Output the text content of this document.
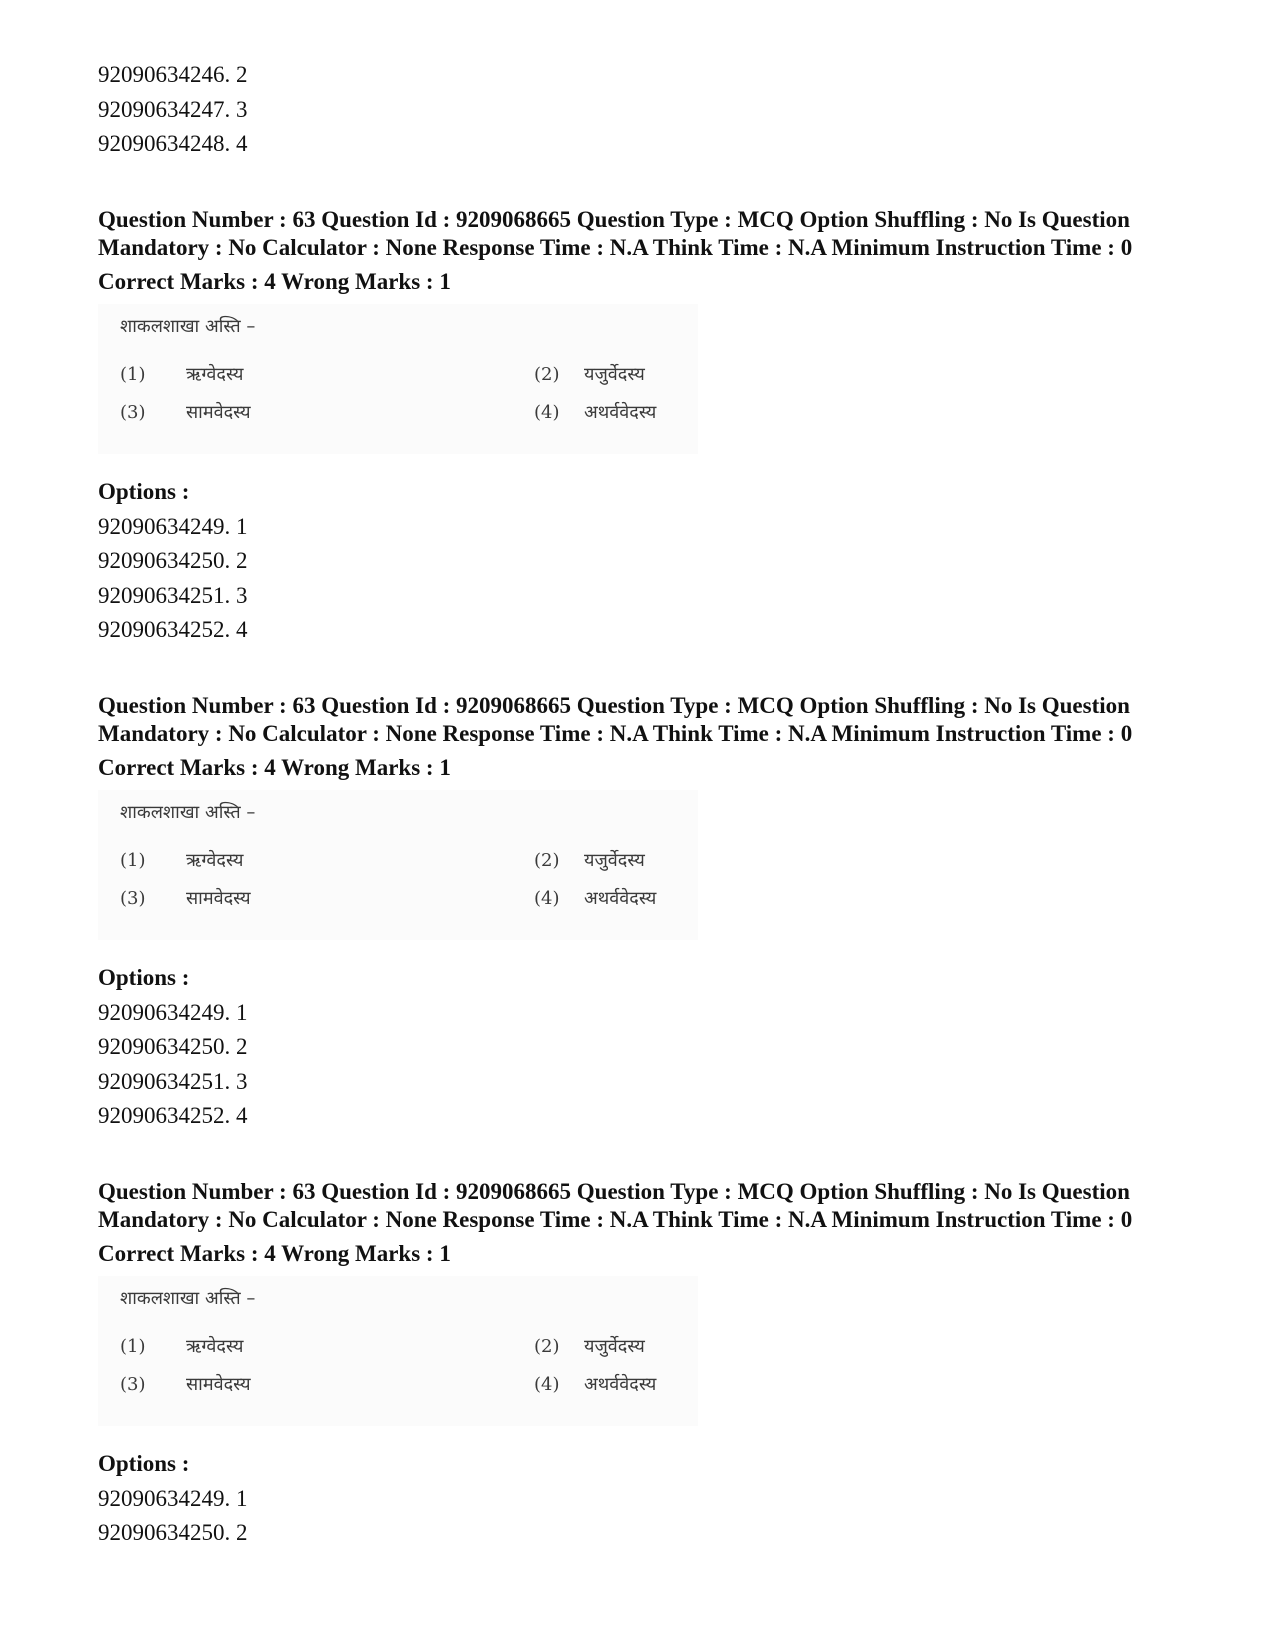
92090634246. 2
92090634247. 3
92090634248. 4
Question Number : 63 Question Id : 9209068665 Question Type : MCQ Option Shuffling : No Is Question Mandatory : No Calculator : None Response Time : N.A Think Time : N.A Minimum Instruction Time : 0
Correct Marks : 4 Wrong Marks : 1
शाकलशाखा अस्ति –
(1) ऋग्वेदस्य	(2) यजुर्वेदस्य
(3) सामवेदस्य	(4) अथर्ववेदस्य
Options :
92090634249. 1
92090634250. 2
92090634251. 3
92090634252. 4
Question Number : 63 Question Id : 9209068665 Question Type : MCQ Option Shuffling : No Is Question Mandatory : No Calculator : None Response Time : N.A Think Time : N.A Minimum Instruction Time : 0
Correct Marks : 4 Wrong Marks : 1
शाकलशाखा अस्ति –
(1) ऋग्वेदस्य	(2) यजुर्वेदस्य
(3) सामवेदस्य	(4) अथर्ववेदस्य
Options :
92090634249. 1
92090634250. 2
92090634251. 3
92090634252. 4
Question Number : 63 Question Id : 9209068665 Question Type : MCQ Option Shuffling : No Is Question Mandatory : No Calculator : None Response Time : N.A Think Time : N.A Minimum Instruction Time : 0
Correct Marks : 4 Wrong Marks : 1
शाकलशाखा अस्ति –
(1) ऋग्वेदस्य	(2) यजुर्वेदस्य
(3) सामवेदस्य	(4) अथर्ववेदस्य
Options :
92090634249. 1
92090634250. 2
